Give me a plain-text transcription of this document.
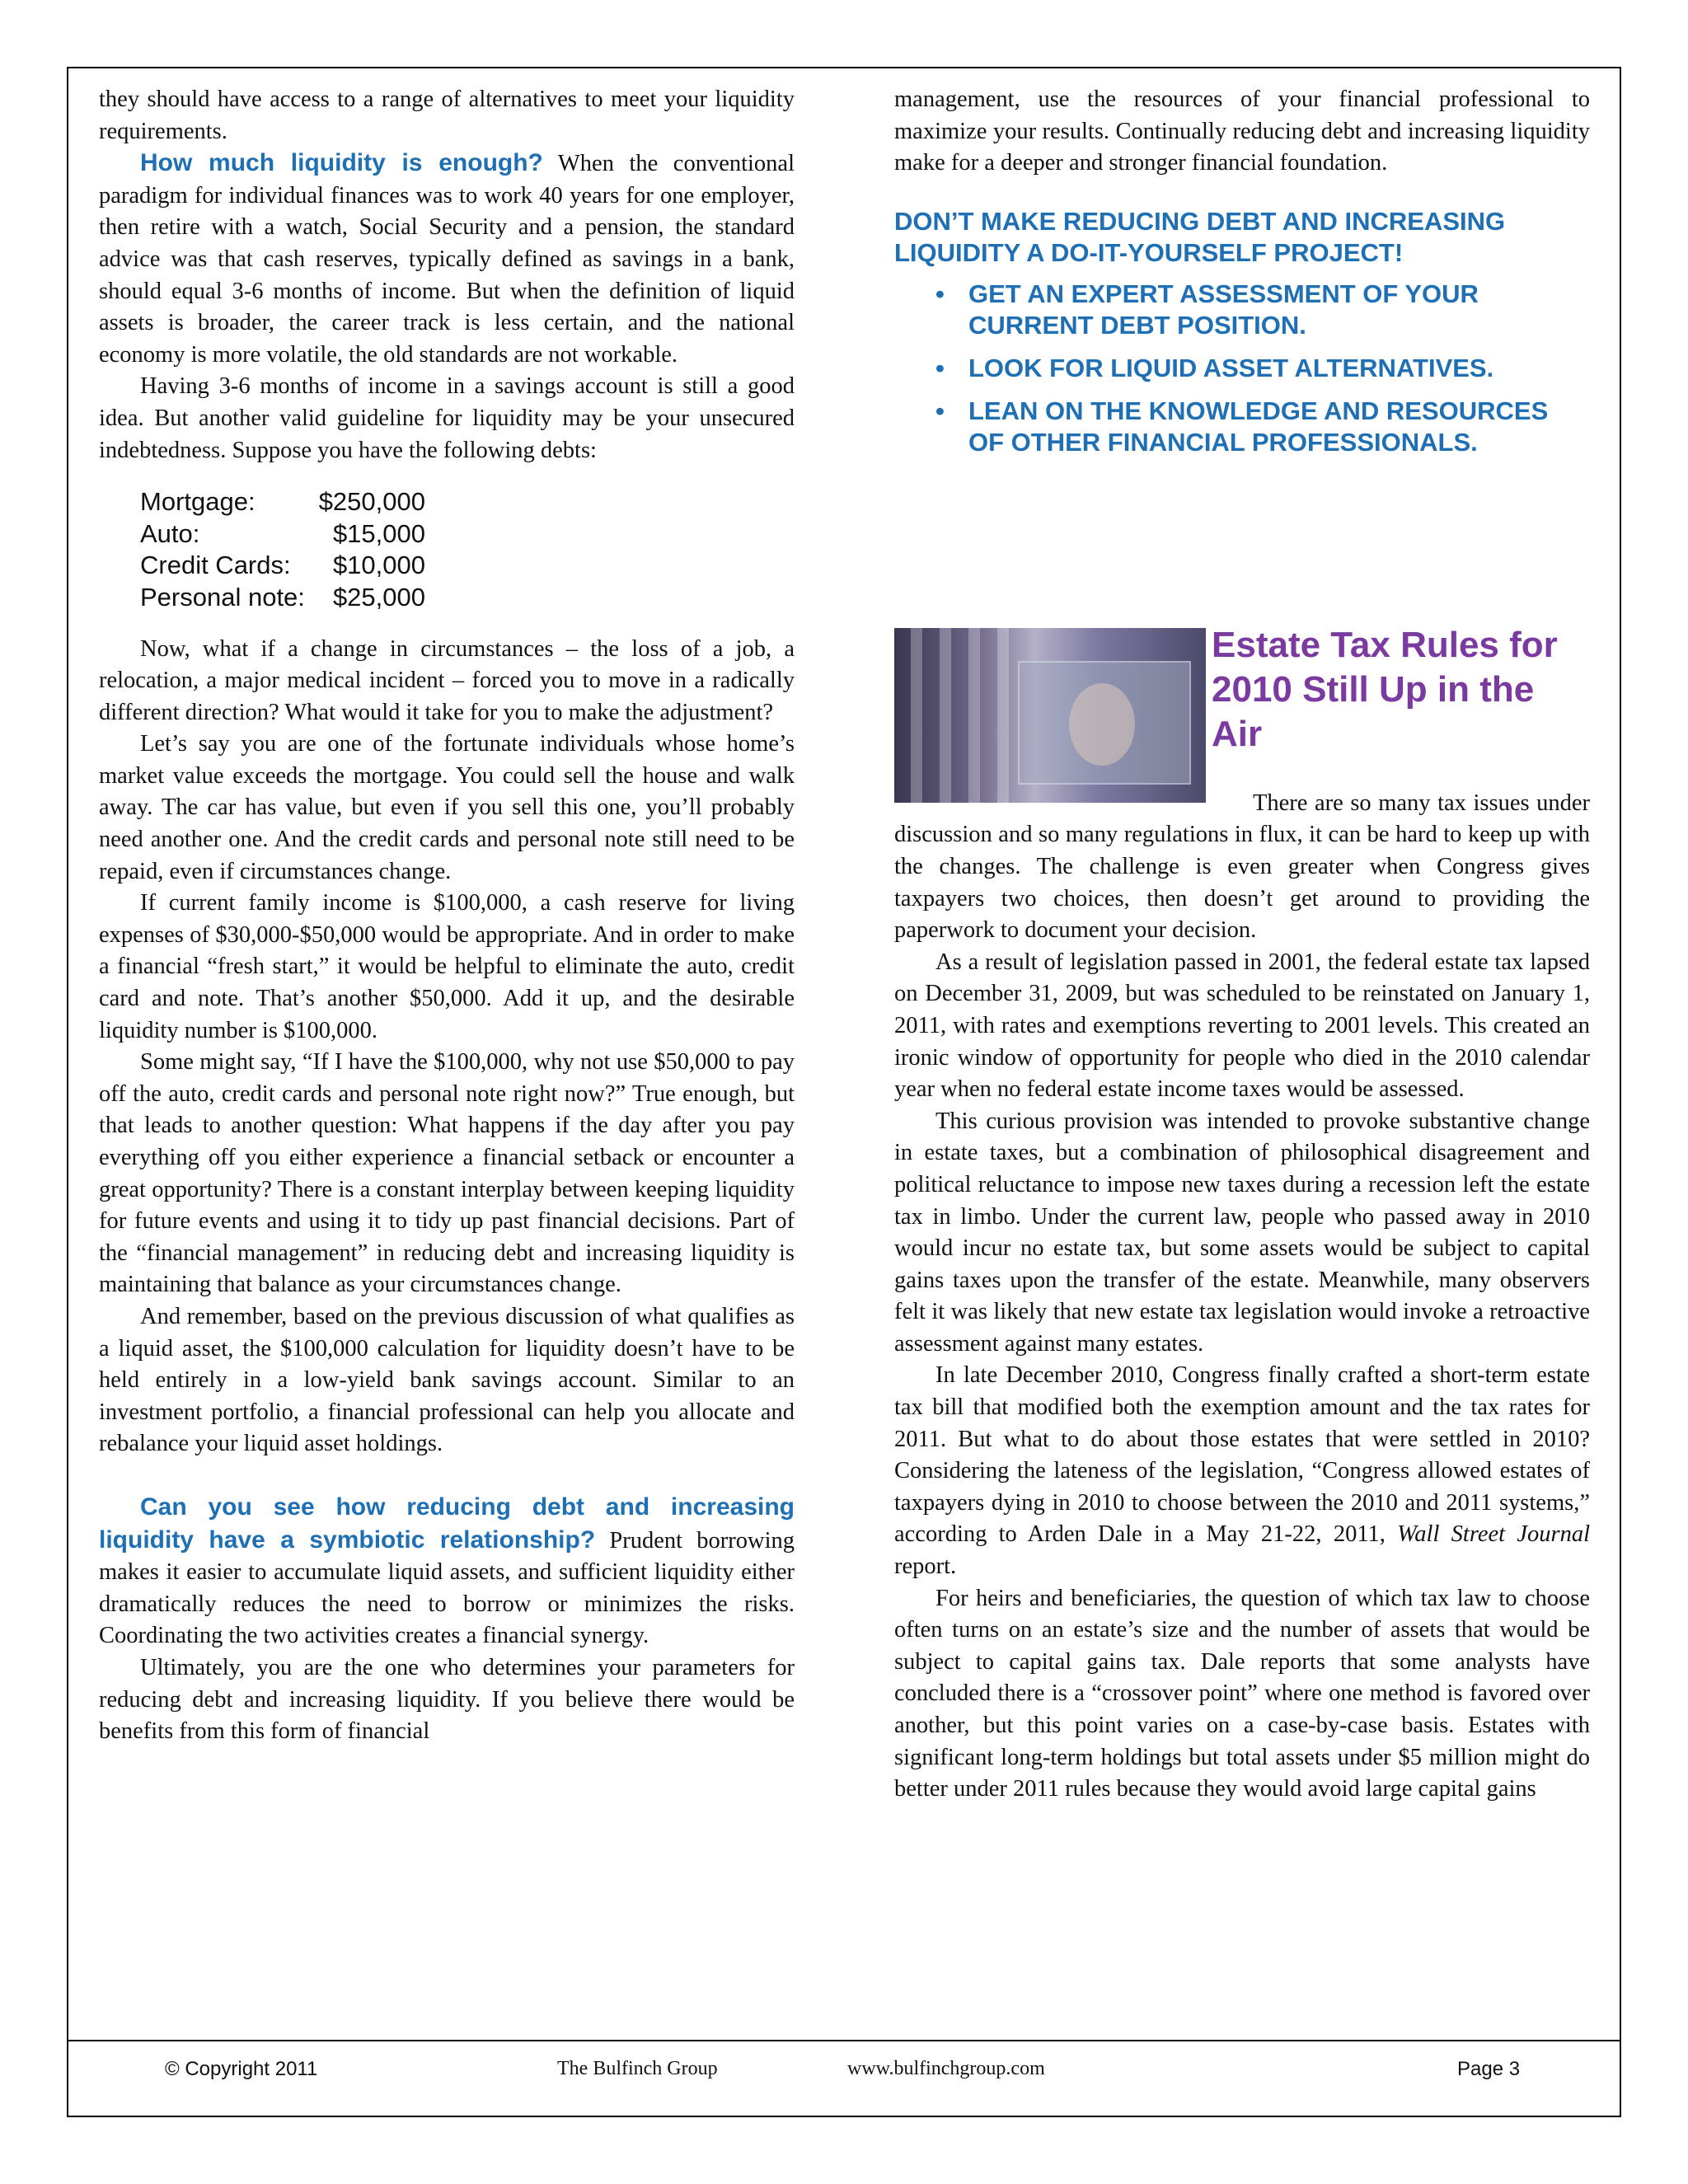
they should have access to a range of alternatives to meet your liquidity requirements.

How much liquidity is enough? When the conventional paradigm for individual finances was to work 40 years for one employer, then retire with a watch, Social Security and a pension, the standard advice was that cash reserves, typically defined as savings in a bank, should equal 3-6 months of income. But when the definition of liquid assets is broader, the career track is less certain, and the national economy is more volatile, the old standards are not workable.

Having 3-6 months of income in a savings account is still a good idea. But another valid guideline for liquidity may be your unsecured indebtedness. Suppose you have the following debts:

Mortgage:	$250,000
Auto:	$15,000
Credit Cards:	$10,000
Personal note:	$25,000

Now, what if a change in circumstances – the loss of a job, a relocation, a major medical incident – forced you to move in a radically different direction? What would it take for you to make the adjustment?

Let’s say you are one of the fortunate individuals whose home’s market value exceeds the mortgage. You could sell the house and walk away. The car has value, but even if you sell this one, you’ll probably need another one. And the credit cards and personal note still need to be repaid, even if circumstances change.

If current family income is $100,000, a cash reserve for living expenses of $30,000-$50,000 would be appropriate. And in order to make a financial “fresh start,” it would be helpful to eliminate the auto, credit card and note. That’s another $50,000. Add it up, and the desirable liquidity number is $100,000.

Some might say, “If I have the $100,000, why not use $50,000 to pay off the auto, credit cards and personal note right now?” True enough, but that leads to another question: What happens if the day after you pay everything off you either experience a financial setback or encounter a great opportunity? There is a constant interplay between keeping liquidity for future events and using it to tidy up past financial decisions. Part of the “financial management” in reducing debt and increasing liquidity is maintaining that balance as your circumstances change.

And remember, based on the previous discussion of what qualifies as a liquid asset, the $100,000 calculation for liquidity doesn’t have to be held entirely in a low-yield bank savings account. Similar to an investment portfolio, a financial professional can help you allocate and rebalance your liquid asset holdings.

Can you see how reducing debt and increasing liquidity have a symbiotic relationship? Prudent borrowing makes it easier to accumulate liquid assets, and sufficient liquidity either dramatically reduces the need to borrow or minimizes the risks. Coordinating the two activities creates a financial synergy.

Ultimately, you are the one who determines your parameters for reducing debt and increasing liquidity. If you believe there would be benefits from this form of financial

management, use the resources of your financial professional to maximize your results. Continually reducing debt and increasing liquidity make for a deeper and stronger financial foundation.

DON’T MAKE REDUCING DEBT AND INCREASING LIQUIDITY A DO-IT-YOURSELF PROJECT!
• GET AN EXPERT ASSESSMENT OF YOUR CURRENT DEBT POSITION.
• LOOK FOR LIQUID ASSET ALTERNATIVES.
• LEAN ON THE KNOWLEDGE AND RESOURCES OF OTHER FINANCIAL PROFESSIONALS.
Estate Tax Rules for 2010 Still Up in the Air

There are so many tax issues under discussion and so many regulations in flux, it can be hard to keep up with the changes. The challenge is even greater when Congress gives taxpayers two choices, then doesn’t get around to providing the paperwork to document your decision.

As a result of legislation passed in 2001, the federal estate tax lapsed on December 31, 2009, but was scheduled to be reinstated on January 1, 2011, with rates and exemptions reverting to 2001 levels. This created an ironic window of opportunity for people who died in the 2010 calendar year when no federal estate income taxes would be assessed.

This curious provision was intended to provoke substantive change in estate taxes, but a combination of philosophical disagreement and political reluctance to impose new taxes during a recession left the estate tax in limbo. Under the current law, people who passed away in 2010 would incur no estate tax, but some assets would be subject to capital gains taxes upon the transfer of the estate. Meanwhile, many observers felt it was likely that new estate tax legislation would invoke a retroactive assessment against many estates.

In late December 2010, Congress finally crafted a short-term estate tax bill that modified both the exemption amount and the tax rates for 2011. But what to do about those estates that were settled in 2010? Considering the lateness of the legislation, “Congress allowed estates of taxpayers dying in 2010 to choose between the 2010 and 2011 systems,” according to Arden Dale in a May 21-22, 2011, Wall Street Journal report.

For heirs and beneficiaries, the question of which tax law to choose often turns on an estate’s size and the number of assets that would be subject to capital gains tax. Dale reports that some analysts have concluded there is a “crossover point” where one method is favored over another, but this point varies on a case-by-case basis. Estates with significant long-term holdings but total assets under $5 million might do better under 2011 rules because they would avoid large capital gains

© Copyright 2011	The Bulfinch Group	www.bulfinchgroup.com	Page 3
